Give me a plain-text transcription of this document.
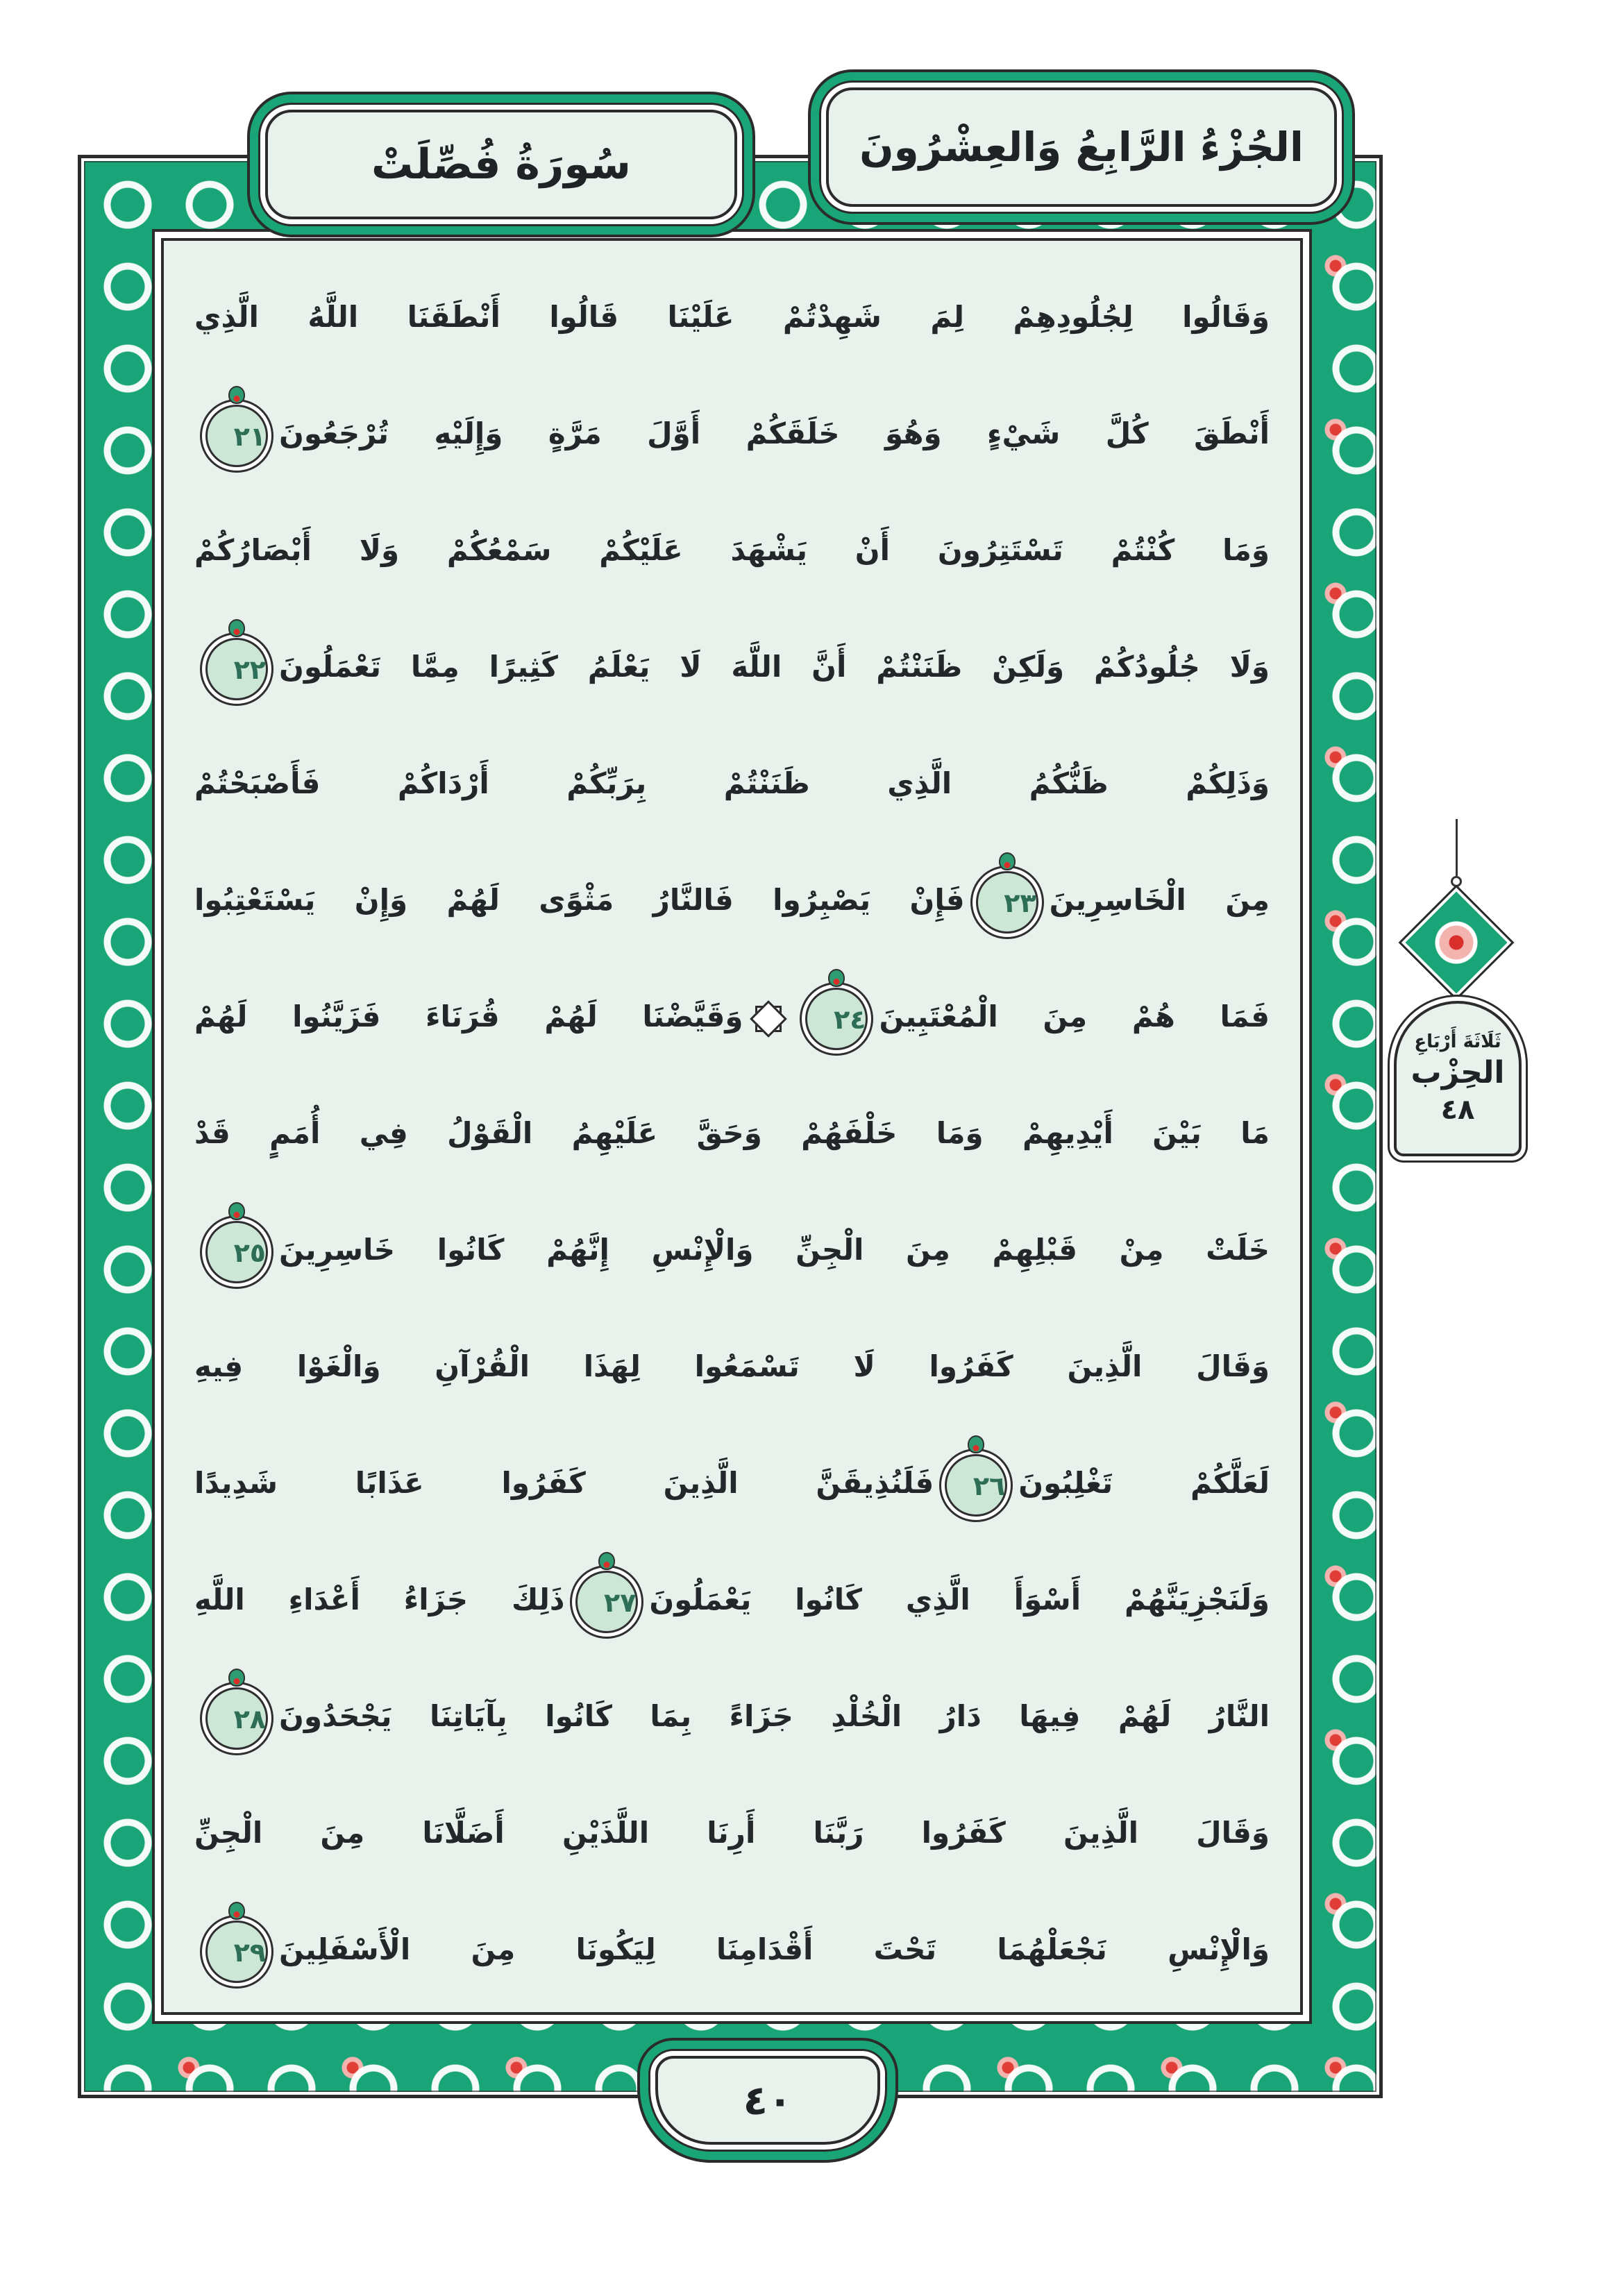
وَقَالُوا لِجُلُودِهِمْ لِمَ شَهِدْتُمْ عَلَيْنَا قَالُوا أَنْطَقَنَا اللَّهُ الَّذِي
أَنْطَقَ كُلَّ شَيْءٍ وَهُوَ خَلَقَكُمْ أَوَّلَ مَرَّةٍ وَإِلَيْهِ تُرْجَعُونَ٢١
وَمَا كُنْتُمْ تَسْتَتِرُونَ أَنْ يَشْهَدَ عَلَيْكُمْ سَمْعُكُمْ وَلَا أَبْصَارُكُمْ
وَلَا جُلُودُكُمْ وَلَكِنْ ظَنَنْتُمْ أَنَّ اللَّهَ لَا يَعْلَمُ كَثِيرًا مِمَّا تَعْمَلُونَ٢٢
وَذَلِكُمْ ظَنُّكُمُ الَّذِي ظَنَنْتُمْ بِرَبِّكُمْ أَرْدَاكُمْ فَأَصْبَحْتُمْ
مِنَ الْخَاسِرِينَ٢٣فَإِنْ يَصْبِرُوا فَالنَّارُ مَثْوًى لَهُمْ وَإِنْ يَسْتَعْتِبُوا
فَمَا هُمْ مِنَ الْمُعْتَبِينَ٢٤
وَقَيَّضْنَا لَهُمْ قُرَنَاءَ فَزَيَّنُوا لَهُمْ
مَا بَيْنَ أَيْدِيهِمْ وَمَا خَلْفَهُمْ وَحَقَّ عَلَيْهِمُ الْقَوْلُ فِي أُمَمٍ قَدْ
خَلَتْ مِنْ قَبْلِهِمْ مِنَ الْجِنِّ وَالْإِنْسِ إِنَّهُمْ كَانُوا خَاسِرِينَ٢٥
وَقَالَ الَّذِينَ كَفَرُوا لَا تَسْمَعُوا لِهَذَا الْقُرْآنِ وَالْغَوْا فِيهِ
لَعَلَّكُمْ تَغْلِبُونَ٢٦فَلَنُذِيقَنَّ الَّذِينَ كَفَرُوا عَذَابًا شَدِيدًا
وَلَنَجْزِيَنَّهُمْ أَسْوَأَ الَّذِي كَانُوا يَعْمَلُونَ٢٧ذَلِكَ جَزَاءُ أَعْدَاءِ اللَّهِ
النَّارُ لَهُمْ فِيهَا دَارُ الْخُلْدِ جَزَاءً بِمَا كَانُوا بِآيَاتِنَا يَجْحَدُونَ٢٨
وَقَالَ الَّذِينَ كَفَرُوا رَبَّنَا أَرِنَا اللَّذَيْنِ أَضَلَّانَا مِنَ الْجِنِّ
وَالْإِنْسِ نَجْعَلْهُمَا تَحْتَ أَقْدَامِنَا لِيَكُونَا مِنَ الْأَسْفَلِينَ٢٩
سُورَةُ فُصِّلَتْ	الجُزْءُ الرَّابِعُ وَالعِشْرُونَ
٤٠
ثَلَاثَةَ أَرْبَاعِ
الحِزْب
٤٨
